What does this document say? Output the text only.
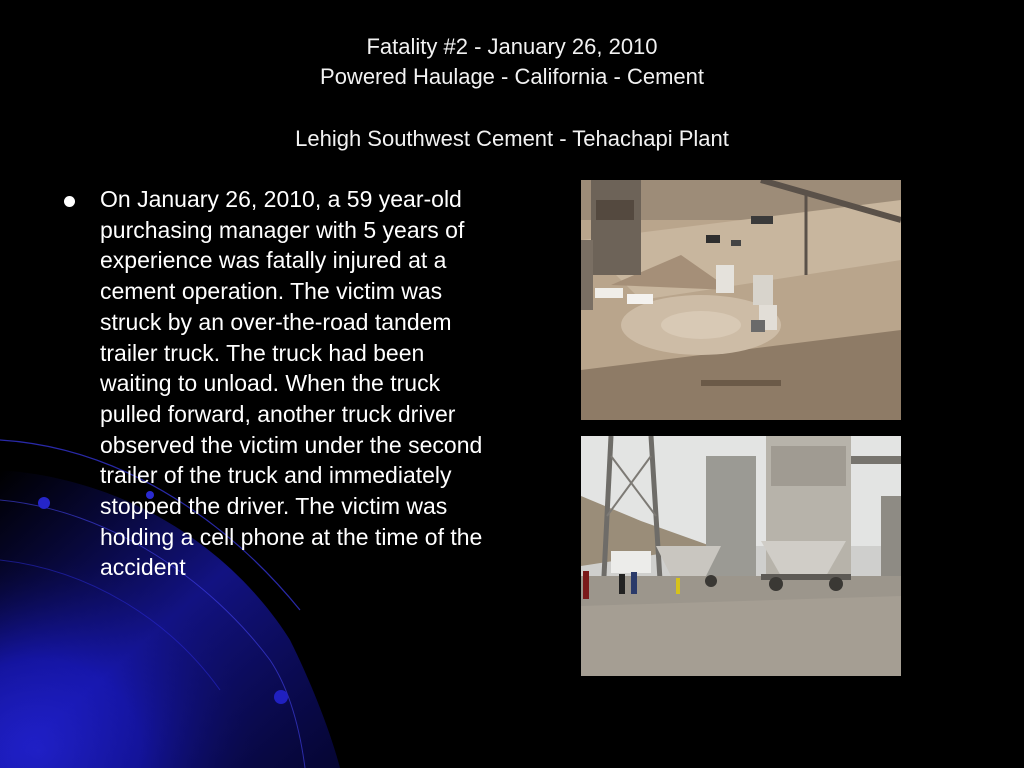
Fatality #2 - January 26, 2010
Powered Haulage - California - Cement
Lehigh Southwest Cement - Tehachapi Plant
On January 26, 2010, a 59 year-old purchasing manager with 5 years of experience was fatally injured at a cement operation. The victim was struck by an over-the-road tandem trailer truck. The truck had been waiting to unload. When the truck pulled forward, another truck driver observed the victim under the second trailer of the truck and immediately stopped the driver. The victim was holding a cell phone at the time of the accident
